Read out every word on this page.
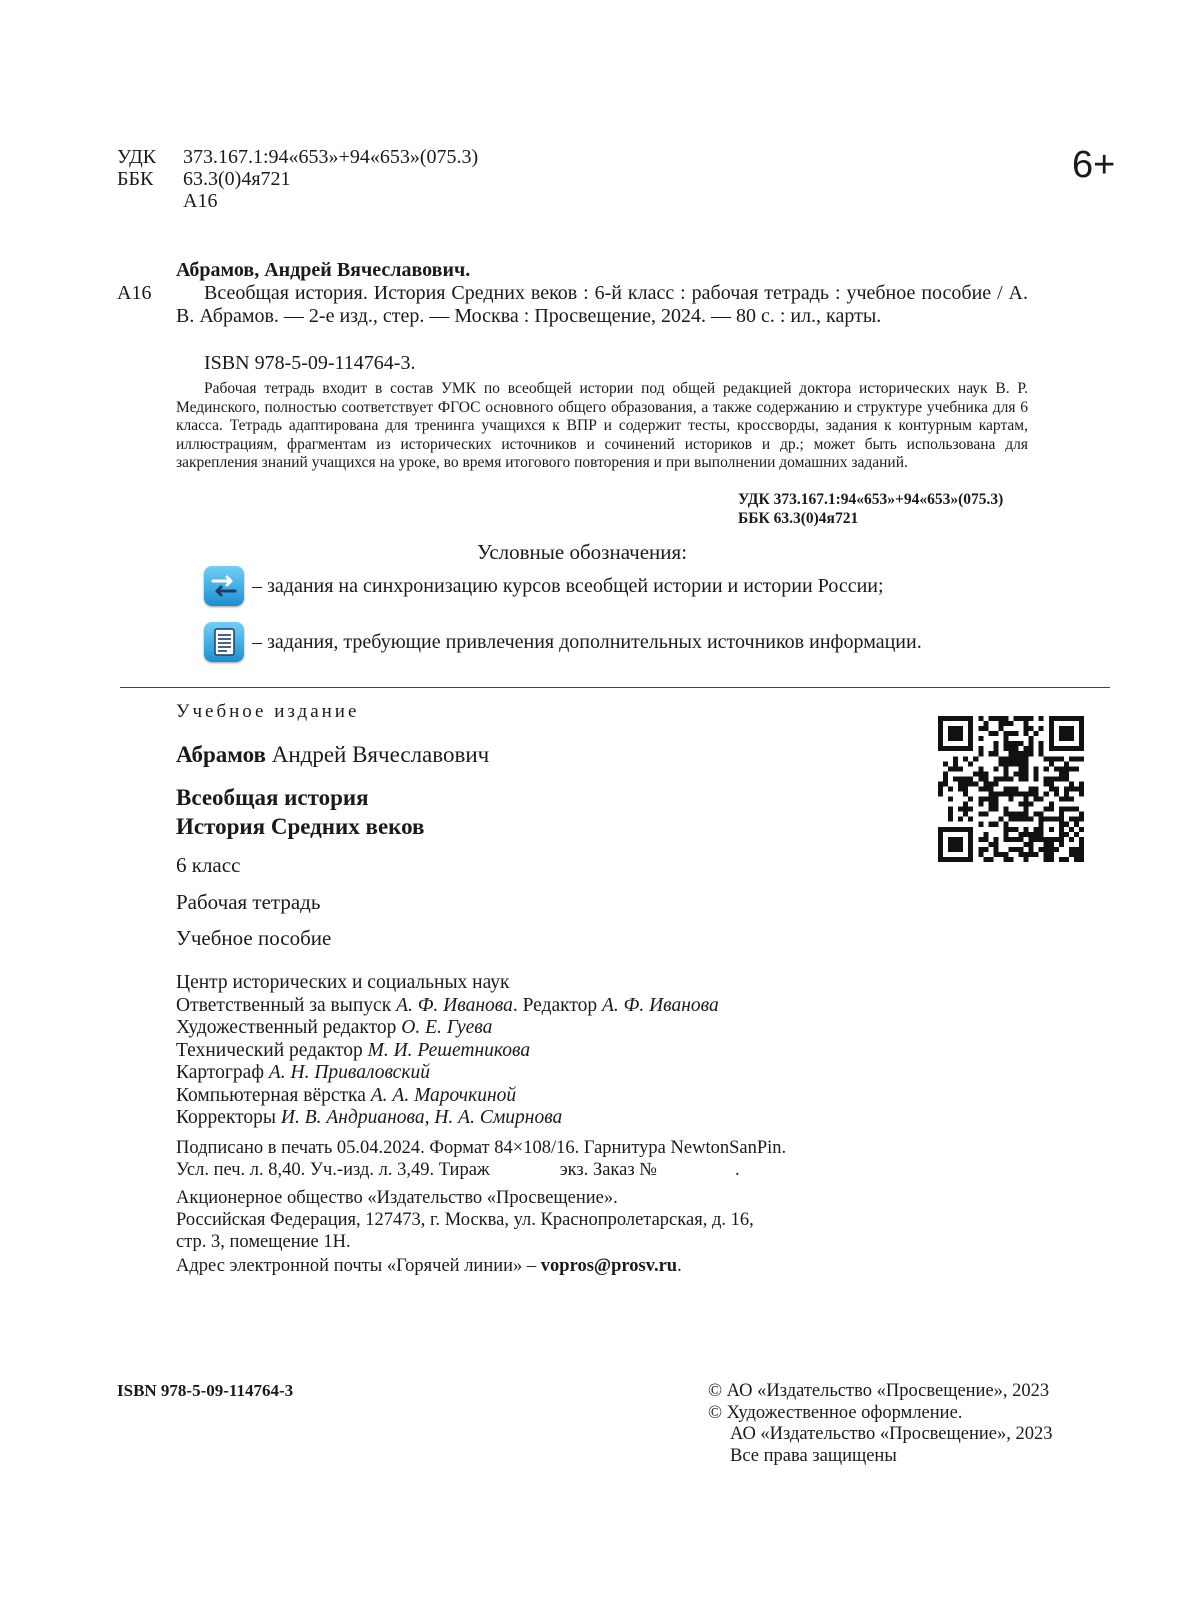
УДК 373.167.1:94«653»+94«653»(075.3)
ББК 63.3(0)4я721
А16
6+
Абрамов, Андрей Вячеславович.
А16	Всеобщая история. История Средних веков : 6-й класс : рабочая тетрадь : учебное пособие / А. В. Абрамов. — 2-е изд., стер. — Москва : Просвещение, 2024. — 80 с. : ил., карты.
ISBN 978-5-09-114764-3.
Рабочая тетрадь входит в состав УМК по всеобщей истории под общей редакцией доктора исторических наук В. Р. Мединского, полностью соответствует ФГОС основного общего образования, а также содержанию и структуре учебника для 6 класса. Тетрадь адаптирована для тренинга учащихся к ВПР и содержит тесты, кроссворды, задания к контурным картам, иллюстрациям, фрагментам из исторических источников и сочинений историков и др.; может быть использована для закрепления знаний учащихся на уроке, во время итогового повторения и при выполнении домашних заданий.
УДК 373.167.1:94«653»+94«653»(075.3)
ББК 63.3(0)4я721
Условные обозначения:
– задания на синхронизацию курсов всеобщей истории и истории России;
– задания, требующие привлечения дополнительных источников информации.
Учебное издание
Абрамов Андрей Вячеславович
Всеобщая история
История Средних веков
6 класс
Рабочая тетрадь
Учебное пособие
Центр исторических и социальных наук
Ответственный за выпуск А. Ф. Иванова. Редактор А. Ф. Иванова
Художественный редактор О. Е. Гуева
Технический редактор М. И. Решетникова
Картограф А. Н. Приваловский
Компьютерная вёрстка А. А. Марочкиной
Корректоры И. В. Андрианова, Н. А. Смирнова
Подписано в печать 05.04.2024. Формат 84×108/16. Гарнитура NewtonSanPin.
Усл. печ. л. 8,40. Уч.-изд. л. 3,49. Тираж	экз. Заказ №	.
Акционерное общество «Издательство «Просвещение».
Российская Федерация, 127473, г. Москва, ул. Краснопролетарская, д. 16,
стр. 3, помещение 1Н.
Адрес электронной почты «Горячей линии» – vopros@prosv.ru.
ISBN 978-5-09-114764-3	© АО «Издательство «Просвещение», 2023
© Художественное оформление.
АО «Издательство «Просвещение», 2023
Все права защищены
